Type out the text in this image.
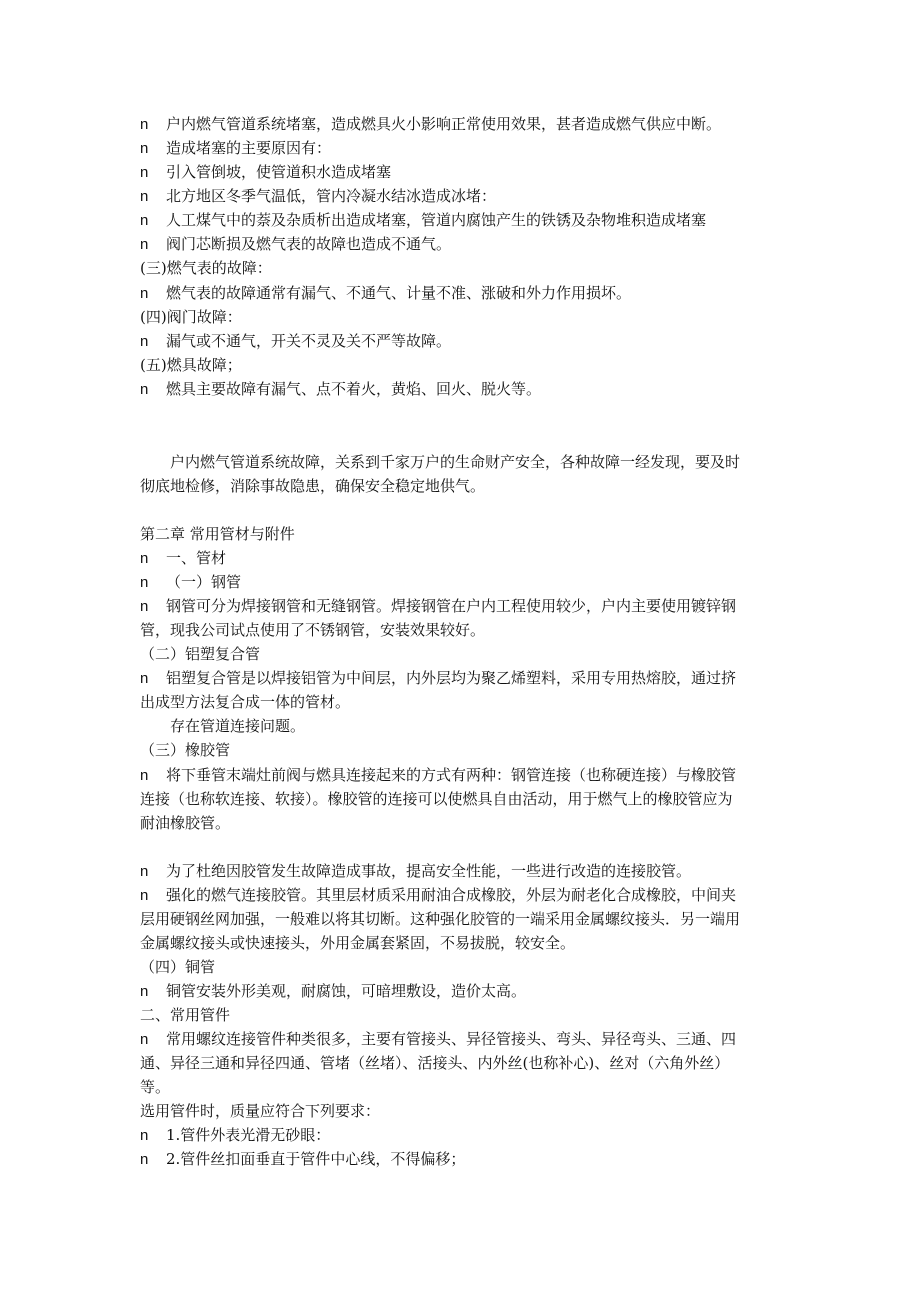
n 户内燃气管道系统堵塞，造成燃具火小影响正常使用效果，甚者造成燃气供应中断。
n 造成堵塞的主要原因有：
n 引入管倒坡，使管道积水造成堵塞
n 北方地区冬季气温低，管内冷凝水结冰造成冰堵：
n 人工煤气中的萘及杂质析出造成堵塞，管道内腐蚀产生的铁锈及杂物堆积造成堵塞
n 阀门芯断损及燃气表的故障也造成不通气。
(三)燃气表的故障：
n 燃气表的故障通常有漏气、不通气、计量不准、涨破和外力作用损坏。
(四)阀门故障：
n 漏气或不通气，开关不灵及关不严等故障。
(五)燃具故障；
n 燃具主要故障有漏气、点不着火，黄焰、回火、脱火等。
户内燃气管道系统故障，关系到千家万户的生命财产安全，各种故障一经发现，要及时
彻底地检修，消除事故隐患，确保安全稳定地供气。
第二章 常用管材与附件
n 一、管材
n （一）钢管
n 钢管可分为焊接钢管和无缝钢管。焊接钢管在户内工程使用较少，户内主要使用镀锌钢
管，现我公司试点使用了不锈钢管，安装效果较好。
（二）铝塑复合管
n 铝塑复合管是以焊接铝管为中间层，内外层均为聚乙烯塑料，采用专用热熔胶，通过挤
出成型方法复合成一体的管材。
存在管道连接问题。
（三）橡胶管
n 将下垂管末端灶前阀与燃具连接起来的方式有两种：钢管连接（也称硬连接）与橡胶管
连接（也称软连接、软接）。橡胶管的连接可以使燃具自由活动，用于燃气上的橡胶管应为
耐油橡胶管。
n 为了杜绝因胶管发生故障造成事故，提高安全性能，一些进行改造的连接胶管。
n 强化的燃气连接胶管。其里层材质采用耐油合成橡胶，外层为耐老化合成橡胶，中间夹
层用硬钢丝网加强，一般难以将其切断。这种强化胶管的一端采用金属螺纹接头．另一端用
金属螺纹接头或快速接头，外用金属套紧固，不易拔脱，较安全。
（四）铜管
n 铜管安装外形美观，耐腐蚀，可暗埋敷设，造价太高。
二、常用管件
n 常用螺纹连接管件种类很多，主要有管接头、异径管接头、弯头、异径弯头、三通、四
通、异径三通和异径四通、管堵（丝堵）、活接头、内外丝(也称补心)、丝对（六角外丝）
等。
选用管件时，质量应符合下列要求：
n 1.管件外表光滑无砂眼：
n 2.管件丝扣面垂直于管件中心线，不得偏移；
